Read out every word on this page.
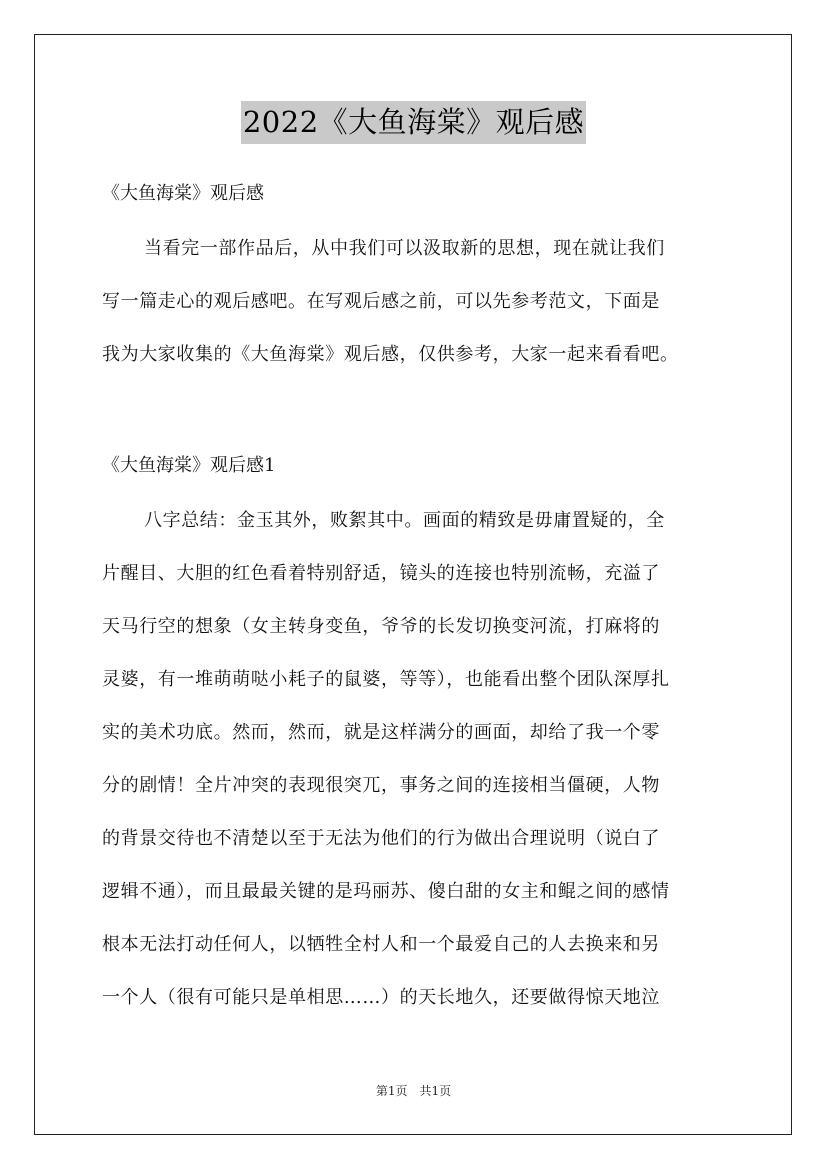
2022《大鱼海棠》观后感
《大鱼海棠》观后感
当看完一部作品后，从中我们可以汲取新的思想，现在就让我们
写一篇走心的观后感吧。在写观后感之前，可以先参考范文，下面是
我为大家收集的《大鱼海棠》观后感，仅供参考，大家一起来看看吧。
《大鱼海棠》观后感1
八字总结：金玉其外，败絮其中。画面的精致是毋庸置疑的，全
片醒目、大胆的红色看着特别舒适，镜头的连接也特别流畅，充溢了
天马行空的想象（女主转身变鱼，爷爷的长发切换变河流，打麻将的
灵婆，有一堆萌萌哒小耗子的鼠婆，等等），也能看出整个团队深厚扎
实的美术功底。然而，然而，就是这样满分的画面，却给了我一个零
分的剧情！全片冲突的表现很突兀，事务之间的连接相当僵硬，人物
的背景交待也不清楚以至于无法为他们的行为做出合理说明（说白了
逻辑不通），而且最最关键的是玛丽苏、傻白甜的女主和鲲之间的感情
根本无法打动任何人，以牺牲全村人和一个最爱自己的人去换来和另
一个人（很有可能只是单相思……）的天长地久，还要做得惊天地泣
第1页 共1页
